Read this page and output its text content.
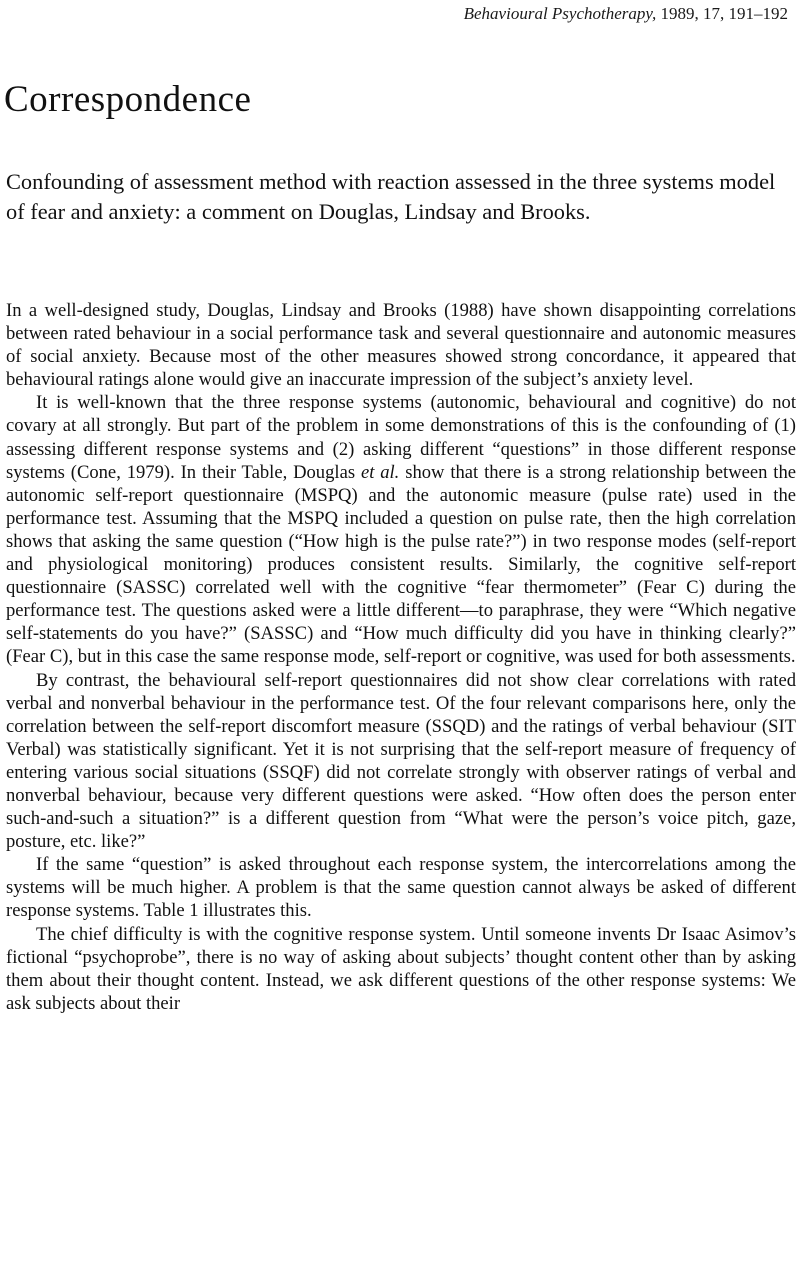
Behavioural Psychotherapy, 1989, 17, 191–192
Correspondence
Confounding of assessment method with reaction assessed in the three systems model of fear and anxiety: a comment on Douglas, Lindsay and Brooks.

In a well-designed study, Douglas, Lindsay and Brooks (1988) have shown disappointing correlations between rated behaviour in a social performance task and several questionnaire and autonomic measures of social anxiety. Because most of the other measures showed strong concordance, it appeared that behavioural ratings alone would give an inaccurate impression of the subject’s anxiety level.

It is well-known that the three response systems (autonomic, behavioural and cognitive) do not covary at all strongly. But part of the problem in some demonstrations of this is the confounding of (1) assessing different response systems and (2) asking different “questions” in those different response systems (Cone, 1979). In their Table, Douglas et al. show that there is a strong relationship between the autonomic self-report questionnaire (MSPQ) and the autonomic measure (pulse rate) used in the performance test. Assuming that the MSPQ included a question on pulse rate, then the high correlation shows that asking the same question (“How high is the pulse rate?”) in two response modes (self-report and physiological monitoring) produces consistent results. Similarly, the cognitive self-report questionnaire (SASSC) correlated well with the cognitive “fear thermometer” (Fear C) during the performance test. The questions asked were a little different—to paraphrase, they were “Which negative self-statements do you have?” (SASSC) and “How much difficulty did you have in thinking clearly?” (Fear C), but in this case the same response mode, self-report or cognitive, was used for both assessments.

By contrast, the behavioural self-report questionnaires did not show clear correlations with rated verbal and nonverbal behaviour in the performance test. Of the four relevant comparisons here, only the correlation between the self-report discomfort measure (SSQD) and the ratings of verbal behaviour (SIT Verbal) was statistically significant. Yet it is not surprising that the self-report measure of frequency of entering various social situations (SSQF) did not correlate strongly with observer ratings of verbal and nonverbal behaviour, because very different questions were asked. “How often does the person enter such-and-such a situation?” is a different question from “What were the person’s voice pitch, gaze, posture, etc. like?”

If the same “question” is asked throughout each response system, the intercorrelations among the systems will be much higher. A problem is that the same question cannot always be asked of different response systems. Table 1 illustrates this.

The chief difficulty is with the cognitive response system. Until someone invents Dr Isaac Asimov’s fictional “psychoprobe”, there is no way of asking about subjects’ thought content other than by asking them about their thought content. Instead, we ask different questions of the other response systems: We ask subjects about their
